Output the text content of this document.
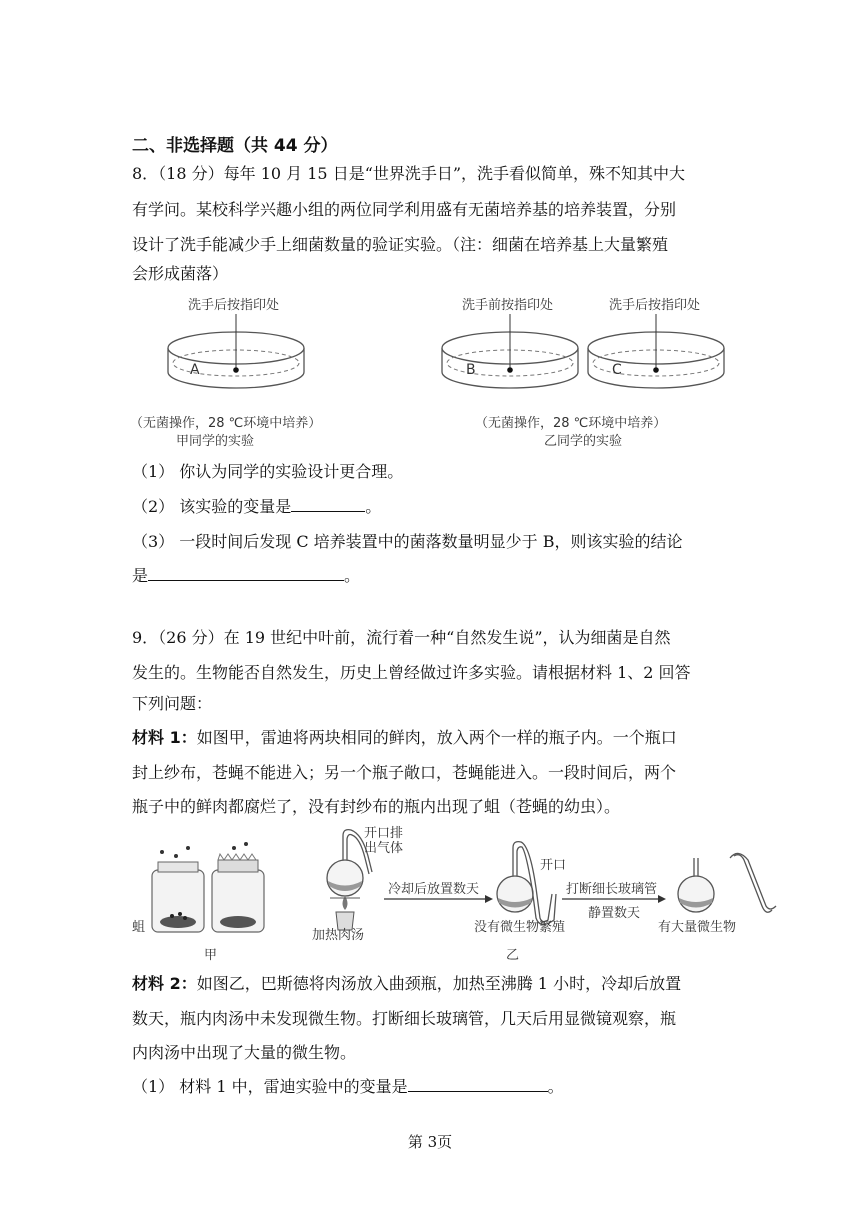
二、非选择题（共 44 分）
8．（18 分）每年 10 月 15 日是“世界洗手日”，洗手看似简单，殊不知其中大
有学问。某校科学兴趣小组的两位同学利用盛有无菌培养基的培养装置，分别
设计了洗手能减少手上细菌数量的验证实验。（注：细菌在培养基上大量繁殖
会形成菌落）
洗手后按指印处	洗手前按指印处	洗手后按指印处
A	B	C
（无菌操作，28 ℃环境中培养）
甲同学的实验
（无菌操作，28 ℃环境中培养）
乙同学的实验
（1） 你认为同学的实验设计更合理。
（2） 该实验的变量是	。
（3） 一段时间后发现 C 培养装置中的菌落数量明显少于 B，则该实验的结论
是	。
9．（26 分）在 19 世纪中叶前，流行着一种“自然发生说”，认为细菌是自然
发生的。生物能否自然发生，历史上曾经做过许多实验。请根据材料 1、2 回答
下列问题：
材料 1：如图甲，雷迪将两块相同的鲜肉，放入两个一样的瓶子内。一个瓶口
封上纱布，苍蝇不能进入；另一个瓶子敞口，苍蝇能进入。一段时间后，两个
瓶子中的鲜肉都腐烂了，没有封纱布的瓶内出现了蛆（苍蝇的幼虫）。
蛆
甲
开口排
出气体
加热肉汤
冷却后放置数天
开口
没有微生物繁殖
打断细长玻璃管
静置数天
有大量微生物
乙
材料 2：如图乙，巴斯德将肉汤放入曲颈瓶，加热至沸腾 1 小时，冷却后放置
数天，瓶内肉汤中未发现微生物。打断细长玻璃管，几天后用显微镜观察，瓶
内肉汤中出现了大量的微生物。
（1） 材料 1 中，雷迪实验中的变量是	。
第 3页
